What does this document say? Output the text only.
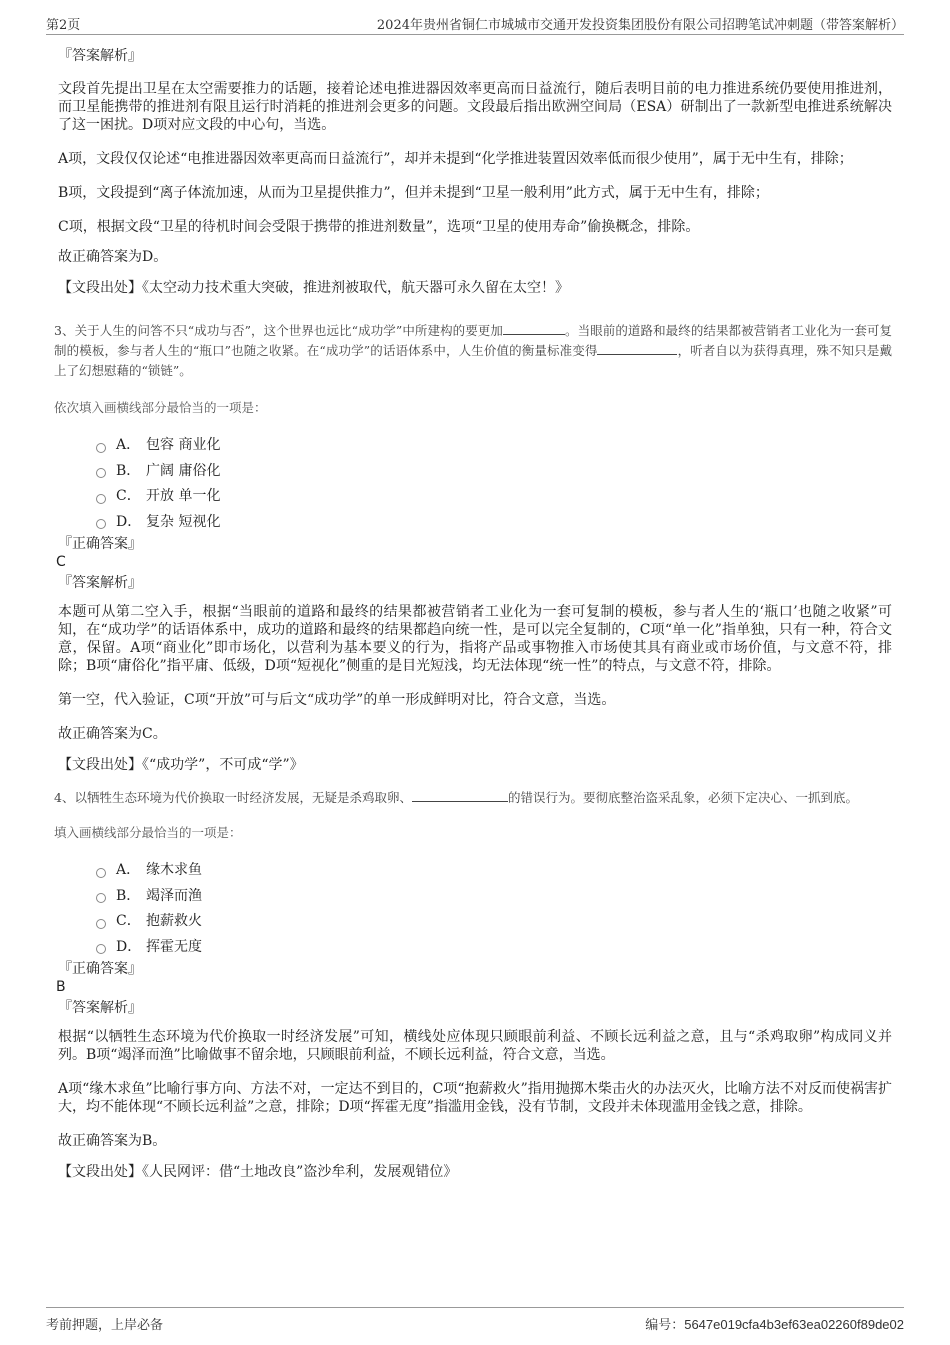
第2页	2024年贵州省铜仁市城城市交通开发投资集团股份有限公司招聘笔试冲刺题（带答案解析）

『答案解析』

文段首先提出卫星在太空需要推力的话题，接着论述电推进器因效率更高而日益流行，随后表明目前的电力推进系统仍要使用推进剂，而卫星能携带的推进剂有限且运行时消耗的推进剂会更多的问题。文段最后指出欧洲空间局（ESA）研制出了一款新型电推进系统解决了这一困扰。D项对应文段的中心句，当选。

A项，文段仅仅论述“电推进器因效率更高而日益流行”，却并未提到“化学推进装置因效率低而很少使用”，属于无中生有，排除；

B项，文段提到“离子体流加速，从而为卫星提供推力”，但并未提到“卫星一般利用”此方式，属于无中生有，排除；

C项，根据文段“卫星的待机时间会受限于携带的推进剂数量”，选项“卫星的使用寿命”偷换概念，排除。

故正确答案为D。

【文段出处】《太空动力技术重大突破，推进剂被取代，航天器可永久留在太空！》

3、关于人生的问答不只“成功与否”，这个世界也远比“成功学”中所建构的要更加	。当眼前的道路和最终的结果都被营销者工业化为一套可复制的模板，参与者人生的“瓶口”也随之收紧。在“成功学”的话语体系中，人生价值的衡量标准变得	，听者自以为获得真理，殊不知只是戴上了幻想慰藉的“锁链”。

依次填入画横线部分最恰当的一项是：

A． 包容 商业化
B． 广阔 庸俗化
C． 开放 单一化
D． 复杂 短视化

『正确答案』

C

『答案解析』

本题可从第二空入手，根据“当眼前的道路和最终的结果都被营销者工业化为一套可复制的模板，参与者人生的‘瓶口’也随之收紧”可知，在“成功学”的话语体系中，成功的道路和最终的结果都趋向统一性，是可以完全复制的，C项“单一化”指单独，只有一种，符合文意，保留。A项“商业化”即市场化，以营利为基本要义的行为，指将产品或事物推入市场使其具有商业或市场价值，与文意不符，排除；B项“庸俗化”指平庸、低级，D项“短视化”侧重的是目光短浅，均无法体现“统一性”的特点，与文意不符，排除。

第一空，代入验证，C项“开放”可与后文“成功学”的单一形成鲜明对比，符合文意，当选。

故正确答案为C。

【文段出处】《“成功学”，不可成“学”》

4、以牺牲生态环境为代价换取一时经济发展，无疑是杀鸡取卵、	的错误行为。要彻底整治盗采乱象，必须下定决心、一抓到底。

填入画横线部分最恰当的一项是：

A． 缘木求鱼
B． 竭泽而渔
C． 抱薪救火
D． 挥霍无度

『正确答案』

B

『答案解析』

根据“以牺牲生态环境为代价换取一时经济发展”可知，横线处应体现只顾眼前利益、不顾长远利益之意，且与“杀鸡取卵”构成同义并列。B项“竭泽而渔”比喻做事不留余地，只顾眼前利益，不顾长远利益，符合文意，当选。

A项“缘木求鱼”比喻行事方向、方法不对，一定达不到目的，C项“抱薪救火”指用抛掷木柴击火的办法灭火，比喻方法不对反而使祸害扩大，均不能体现“不顾长远利益”之意，排除；D项“挥霍无度”指滥用金钱，没有节制，文段并未体现滥用金钱之意，排除。

故正确答案为B。

【文段出处】《人民网评：借“土地改良”盗沙牟利，发展观错位》

考前押题，上岸必备	编号：5647e019cfa4b3ef63ea02260f89de02
